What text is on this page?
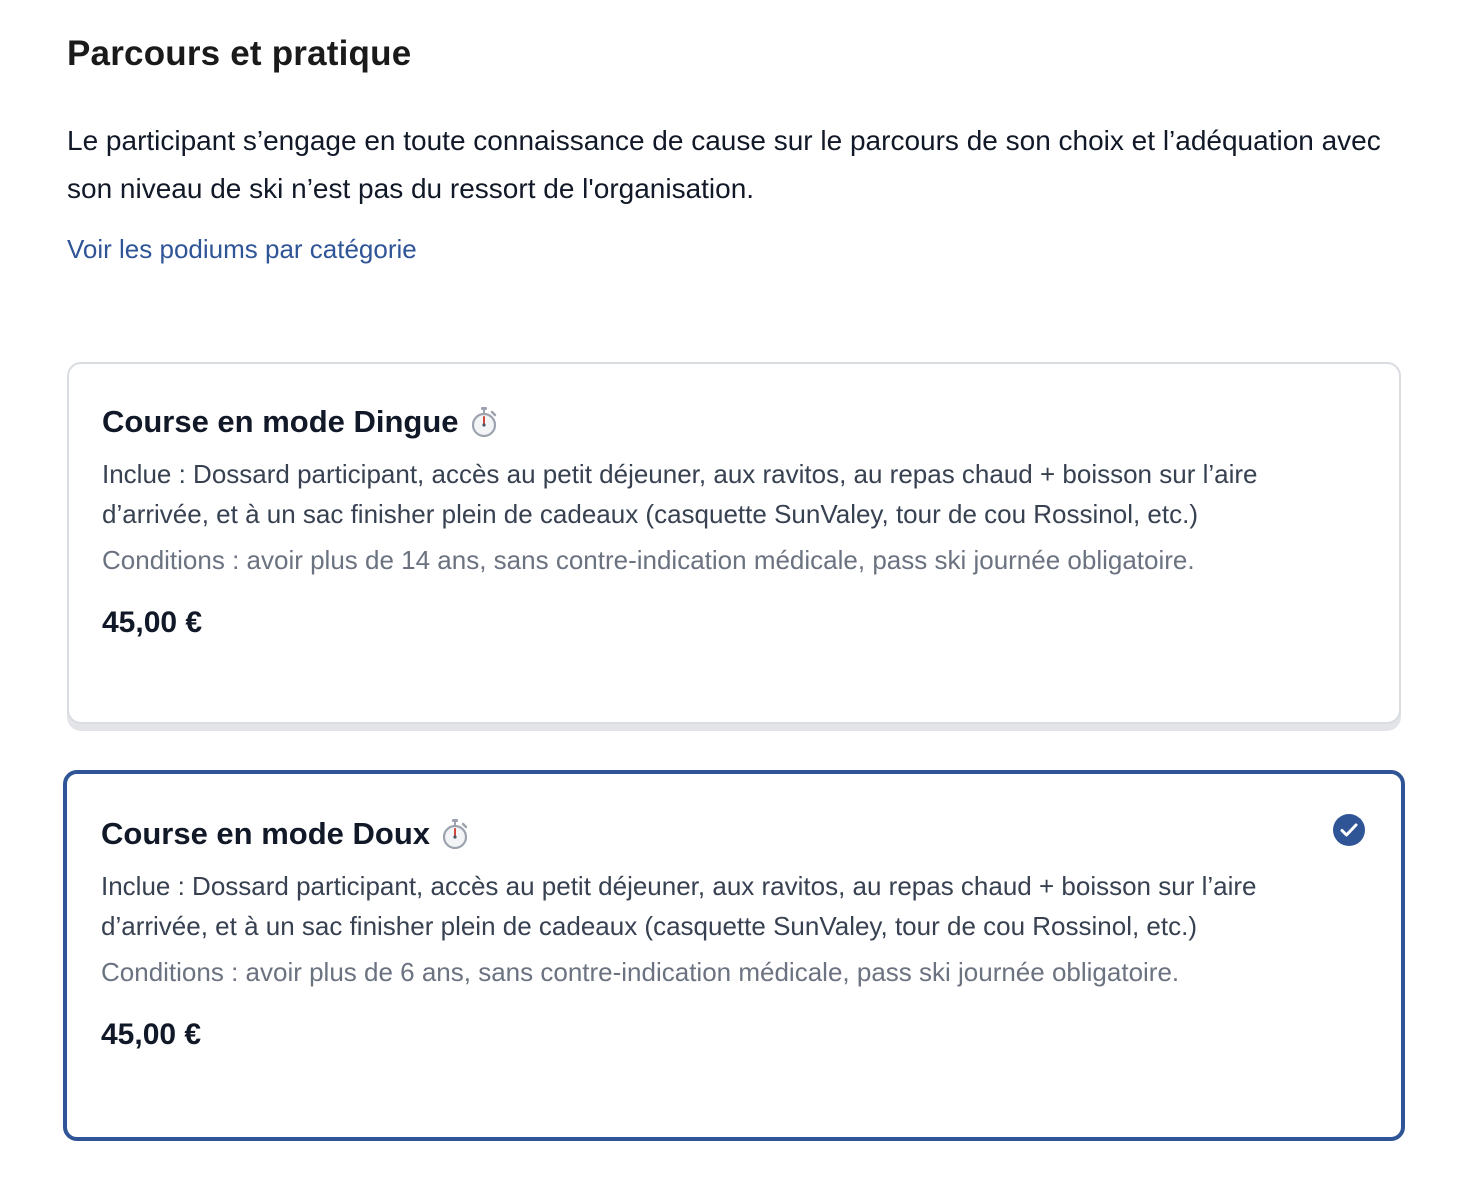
Parcours et pratique

Le participant s’engage en toute connaissance de cause sur le parcours de son choix et l’adéquation avec son niveau de ski n’est pas du ressort de l'organisation.

Voir les podiums par catégorie
Course en mode Dingue

Inclue : Dossard participant, accès au petit déjeuner, aux ravitos, au repas chaud + boisson sur l’aire d’arrivée, et à un sac finisher plein de cadeaux (casquette SunValey, tour de cou Rossinol, etc.)

Conditions : avoir plus de 14 ans, sans contre-indication médicale, pass ski journée obligatoire.

45,00 €

Course en mode Doux

Inclue : Dossard participant, accès au petit déjeuner, aux ravitos, au repas chaud + boisson sur l’aire d’arrivée, et à un sac finisher plein de cadeaux (casquette SunValey, tour de cou Rossinol, etc.)

Conditions : avoir plus de 6 ans, sans contre-indication médicale, pass ski journée obligatoire.

45,00 €
